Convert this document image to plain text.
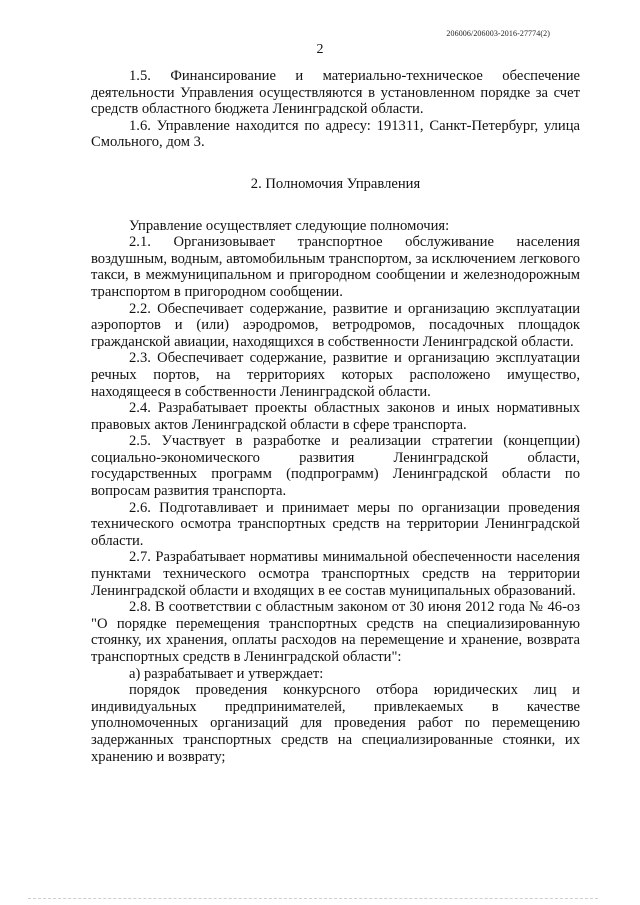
206006/206003-2016-27774(2)
2

1.5. Финансирование и материально-техническое обеспечение деятельности Управления осуществляются в установленном порядке за счет средств областного бюджета Ленинградской области.

1.6. Управление находится по адресу: 191311, Санкт-Петербург, улица Смольного, дом 3.

2. Полномочия Управления

Управление осуществляет следующие полномочия:

2.1. Организовывает транспортное обслуживание населения воздушным, водным, автомобильным транспортом, за исключением легкового такси, в межмуниципальном и пригородном сообщении и железнодорожным транспортом в пригородном сообщении.

2.2. Обеспечивает содержание, развитие и организацию эксплуатации аэропортов и (или) аэродромов, ветродромов, посадочных площадок гражданской авиации, находящихся в собственности Ленинградской области.

2.3. Обеспечивает содержание, развитие и организацию эксплуатации речных портов, на территориях которых расположено имущество, находящееся в собственности Ленинградской области.

2.4. Разрабатывает проекты областных законов и иных нормативных правовых актов Ленинградской области в сфере транспорта.

2.5. Участвует в разработке и реализации стратегии (концепции) социально-экономического развития Ленинградской области, государственных программ (подпрограмм) Ленинградской области по вопросам развития транспорта.

2.6. Подготавливает и принимает меры по организации проведения технического осмотра транспортных средств на территории Ленинградской области.

2.7. Разрабатывает нормативы минимальной обеспеченности населения пунктами технического осмотра транспортных средств на территории Ленинградской области и входящих в ее состав муниципальных образований.

2.8. В соответствии с областным законом от 30 июня 2012 года № 46-оз "О порядке перемещения транспортных средств на специализированную стоянку, их хранения, оплаты расходов на перемещение и хранение, возврата транспортных средств в Ленинградской области":

а) разрабатывает и утверждает:

порядок проведения конкурсного отбора юридических лиц и индивидуальных предпринимателей, привлекаемых в качестве уполномоченных организаций для проведения работ по перемещению задержанных транспортных средств на специализированные стоянки, их хранению и возврату;
